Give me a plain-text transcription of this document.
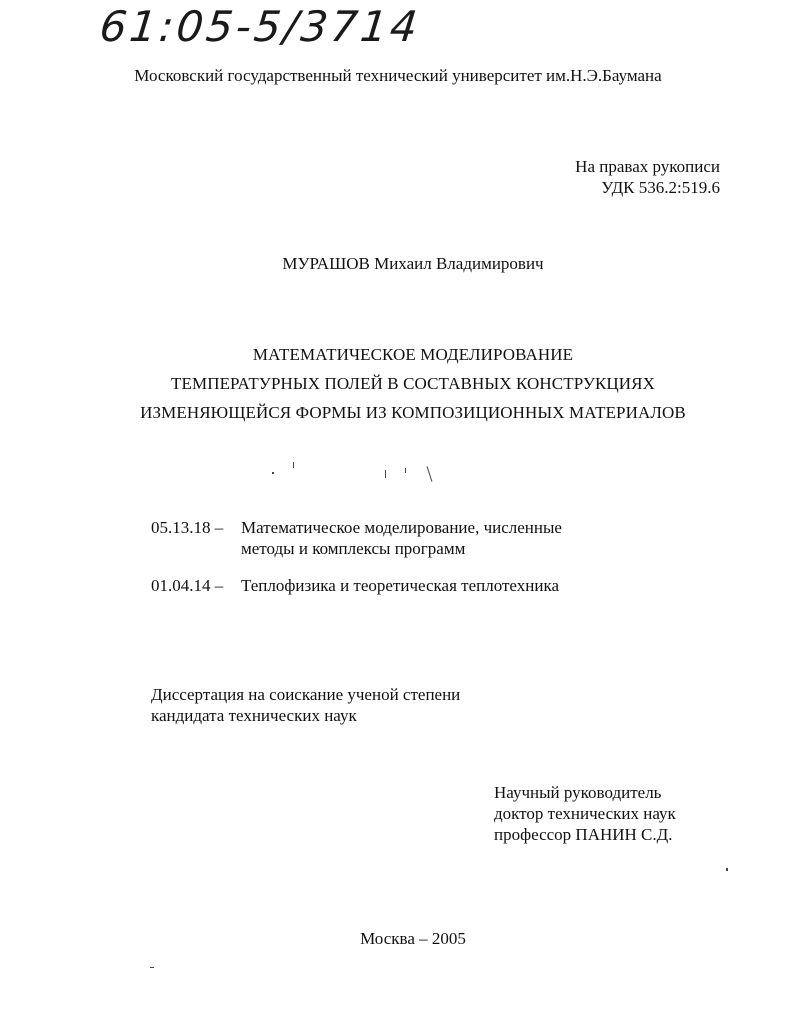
61:05-5/3714
Московский государственный технический университет им.Н.Э.Баумана
На правах рукописи
УДК 536.2:519.6
МУРАШОВ Михаил Владимирович
МАТЕМАТИЧЕСКОЕ МОДЕЛИРОВАНИЕ
ТЕМПЕРАТУРНЫХ ПОЛЕЙ В СОСТАВНЫХ КОНСТРУКЦИЯХ
ИЗМЕНЯЮЩЕЙСЯ ФОРМЫ ИЗ КОМПОЗИЦИОННЫХ МАТЕРИАЛОВ
05.13.18 –	Математическое моделирование, численные методы и комплексы программ
01.04.14 –	Теплофизика и теоретическая теплотехника
Диссертация на соискание ученой степени
кандидата технических наук
Научный руководитель
доктор технических наук
профессор ПАНИН С.Д.
Москва – 2005
